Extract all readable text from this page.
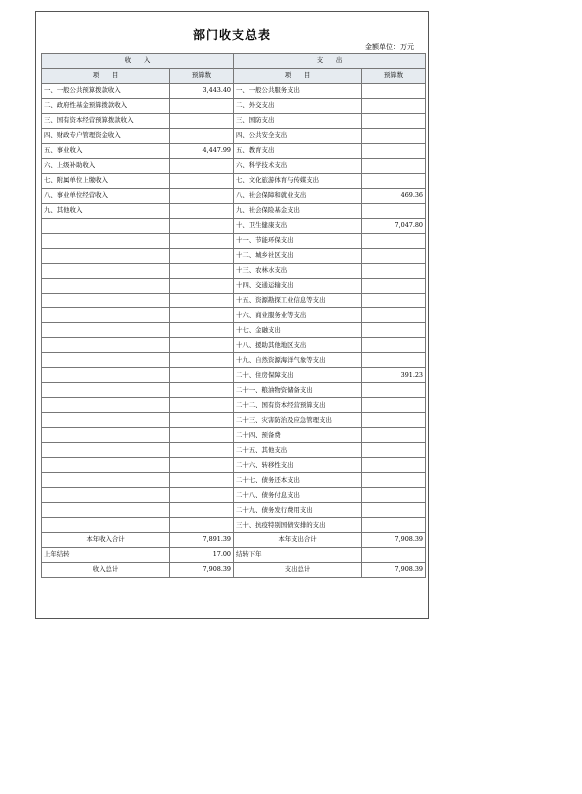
部门收支总表
金额单位：万元
收　　入		支　　出	
项　　目	预算数	项　　目	预算数
一、一般公共预算拨款收入	3,443.40	一、一般公共服务支出	
二、政府性基金预算拨款收入		二、外交支出	
三、国有资本经营预算拨款收入		三、国防支出	
四、财政专户管理资金收入		四、公共安全支出	
五、事业收入	4,447.99	五、教育支出	
六、上级补助收入		六、科学技术支出	
七、附属单位上缴收入		七、文化旅游体育与传媒支出	
八、事业单位经营收入		八、社会保障和就业支出	469.36
九、其他收入		九、社会保险基金支出	
		十、卫生健康支出	7,047.80
		十一、节能环保支出	
		十二、城乡社区支出	
		十三、农林水支出	
		十四、交通运输支出	
		十五、资源勘探工业信息等支出	
		十六、商业服务业等支出	
		十七、金融支出	
		十八、援助其他地区支出	
		十九、自然资源海洋气象等支出	
		二十、住房保障支出	391.23
		二十一、粮油物资储备支出	
		二十二、国有资本经营预算支出	
		二十三、灾害防治及应急管理支出	
		二十四、预备费	
		二十五、其他支出	
		二十六、转移性支出	
		二十七、债务还本支出	
		二十八、债务付息支出	
		二十九、债务发行费用支出	
		三十、抗疫特别国债安排的支出	
本年收入合计	7,891.39	本年支出合计	7,908.39
上年结转	17.00	结转下年	
收入总计	7,908.39	支出总计	7,908.39
